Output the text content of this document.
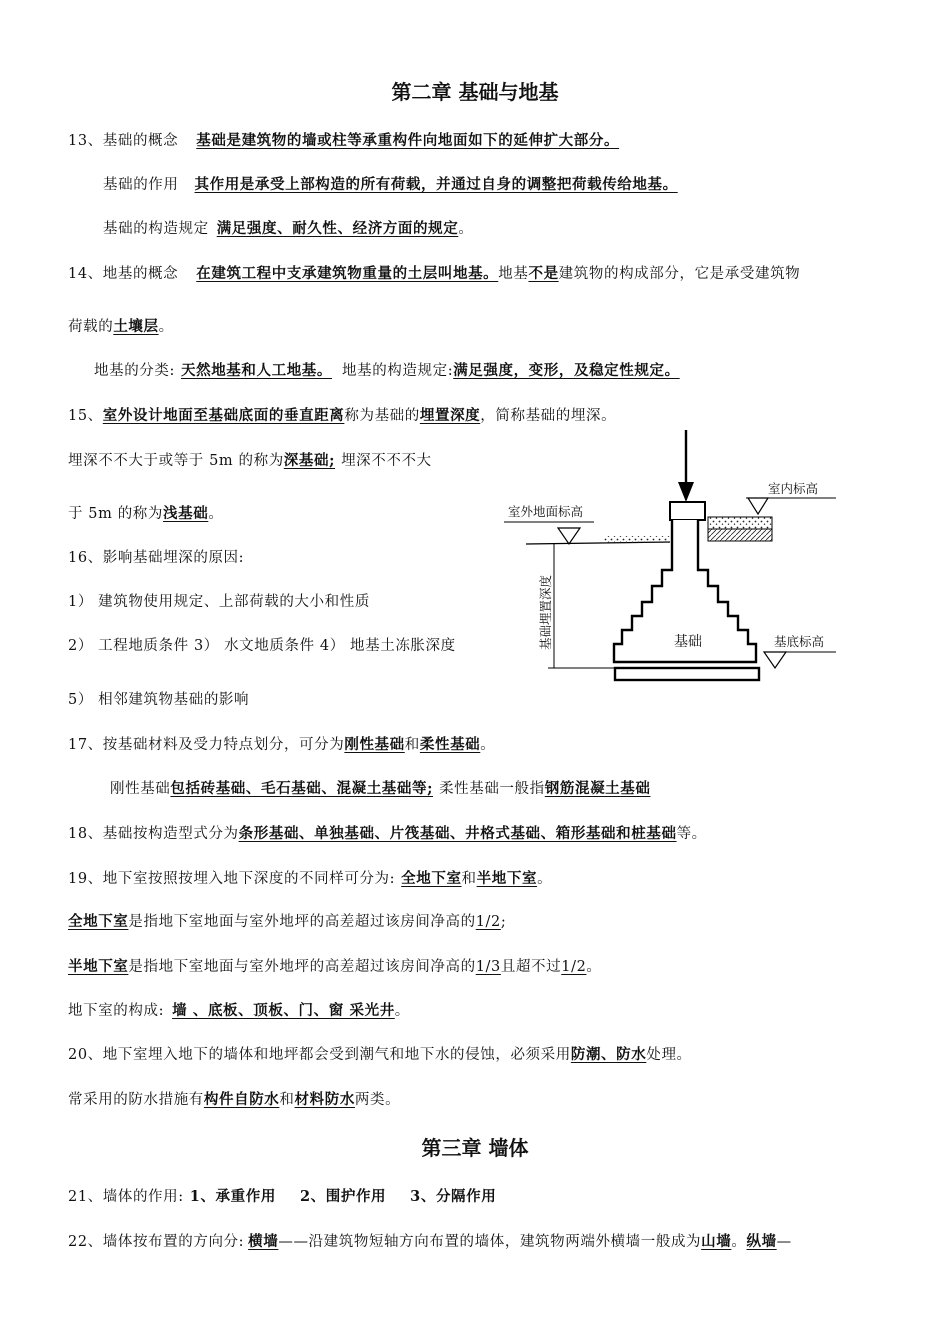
第二章 基础与地基
13、基础的概念 基础是建筑物的墙或柱等承重构件向地面如下的延伸扩大部分。
基础的作用 其作用是承受上部构造的所有荷载，并通过自身的调整把荷载传给地基。
基础的构造规定 满足强度、耐久性、经济方面的规定。
14、地基的概念 在建筑工程中支承建筑物重量的土层叫地基。地基不是建筑物的构成部分，它是承受建筑物
荷载的土壤层。
地基的分类: 天然地基和人工地基。 地基的构造规定:满足强度，变形，及稳定性规定。
15、室外设计地面至基础底面的垂直距离称为基础的埋置深度，简称基础的埋深。
埋深不不大于或等于 5m 的称为深基础; 埋深不不不大
于 5m 的称为浅基础。
16、影响基础埋深的原因:
1） 建筑物使用规定、上部荷载的大小和性质
2） 工程地质条件 3） 水文地质条件 4） 地基土冻胀深度
5） 相邻建筑物基础的影响
17、按基础材料及受力特点划分，可分为刚性基础和柔性基础。
刚性基础包括砖基础、毛石基础、混凝土基础等; 柔性基础一般指钢筋混凝土基础
18、基础按构造型式分为条形基础、单独基础、片筏基础、井格式基础、箱形基础和桩基础等。
19、地下室按照按埋入地下深度的不同样可分为: 全地下室和半地下室。
全地下室是指地下室地面与室外地坪的高差超过该房间净高的1/2;
半地下室是指地下室地面与室外地坪的高差超过该房间净高的1/3且超不过1/2。
地下室的构成: 墙 、底板、顶板、门、窗 采光井。
20、地下室埋入地下的墙体和地坪都会受到潮气和地下水的侵蚀，必须采用防潮、防水处理。
常采用的防水措施有构件自防水和材料防水两类。
第三章 墙体
21、墙体的作用: 1、承重作用 2、围护作用 3、分隔作用
22、墙体按布置的方向分: 横墙——沿建筑物短轴方向布置的墙体，建筑物两端外横墙一般成为山墙。纵墙—
室内标高
室外地面标高
基底标高
基础埋置深度	基础
